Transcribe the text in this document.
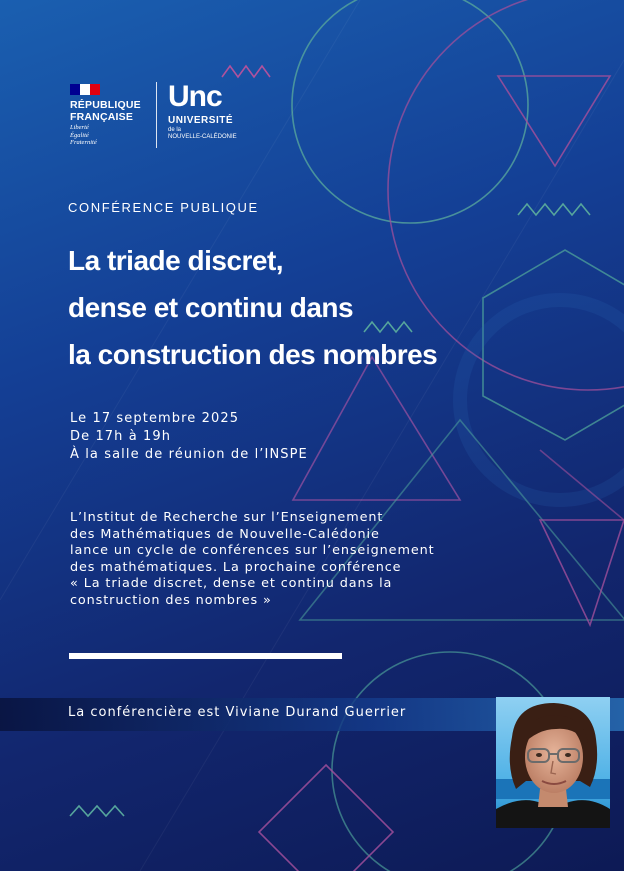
RÉPUBLIQUE
FRANÇAISE
Liberté
Égalité
Fraternité
Unc
UNIVERSITÉ
de la
NOUVELLE-CALÉDONIE
CONFÉRENCE PUBLIQUE
La triade discret,
dense et continu dans
la construction des nombres
Le 17 septembre 2025
De 17h à 19h
À la salle de réunion de l’INSPE
L’Institut de Recherche sur l’Enseignement
des Mathématiques de Nouvelle-Calédonie
lance un cycle de conférences sur l’enseignement
des mathématiques. La prochaine conférence
« La triade discret, dense et continu dans la
construction des nombres »
La conférencière est Viviane Durand Guerrier
